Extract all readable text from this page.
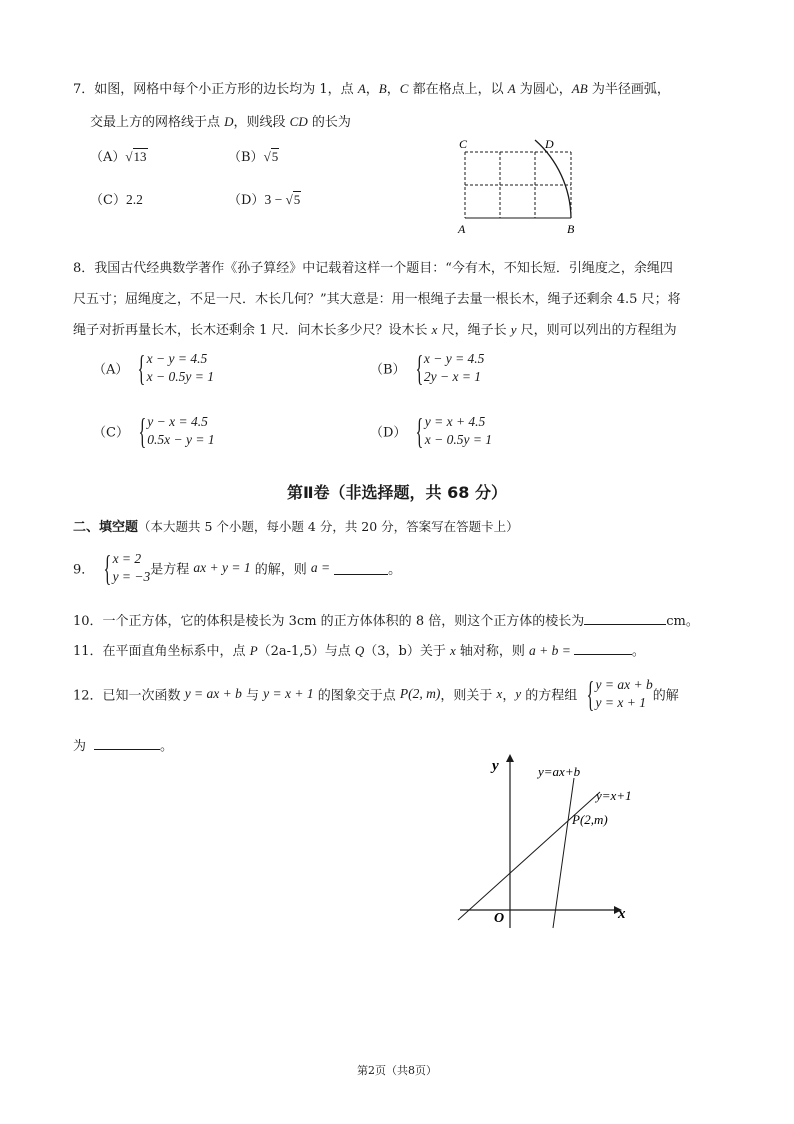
7．如图，网格中每个小正方形的边长均为 1，点 A，B，C 都在格点上，以 A 为圆心，AB 为半径画弧，
交最上方的网格线于点 D，则线段 CD 的长为
（A）√13	（B）√5
（C）2.2	（D）3 − √5
C	D
A	B
8．我国古代经典数学著作《孙子算经》中记载着这样一个题目：“今有木，不知长短．引绳度之，余绳四
尺五寸；屈绳度之，不足一尺．木长几何？”其大意是：用一根绳子去量一根长木，绳子还剩余 4.5 尺；将
绳子对折再量长木，长木还剩余 1 尺．问木长多少尺？设木长 x 尺，绳子长 y 尺，则可以列出的方程组为
（A） { x − y = 4.5
x − 0.5y = 1	（B） { x − y = 4.5
2y − x = 1
（C） { y − x = 4.5
0.5x − y = 1	（D） { y = x + 4.5
x − 0.5y = 1
第Ⅱ卷（非选择题，共 68 分）
二、填空题（本大题共 5 个小题，每小题 4 分，共 20 分，答案写在答题卡上）
9． { x = 2
y = −3 是方程 ax + y = 1 的解，则 a =	。
10．一个正方体，它的体积是棱长为 3cm 的正方体体积的 8 倍，则这个正方体的棱长为	cm。
11．在平面直角坐标系中，点 P（2a-1,5）与点 Q（3，b）关于 x 轴对称，则 a + b =	。
12．已知一次函数 y = ax + b 与 y = x + 1 的图象交于点 P(2, m)，则关于 x，y 的方程组 { y = ax + b
y = x + 1 的解
为	。
y
x
O
y=ax+b
y=x+1
P(2,m)
第2页（共8页）
